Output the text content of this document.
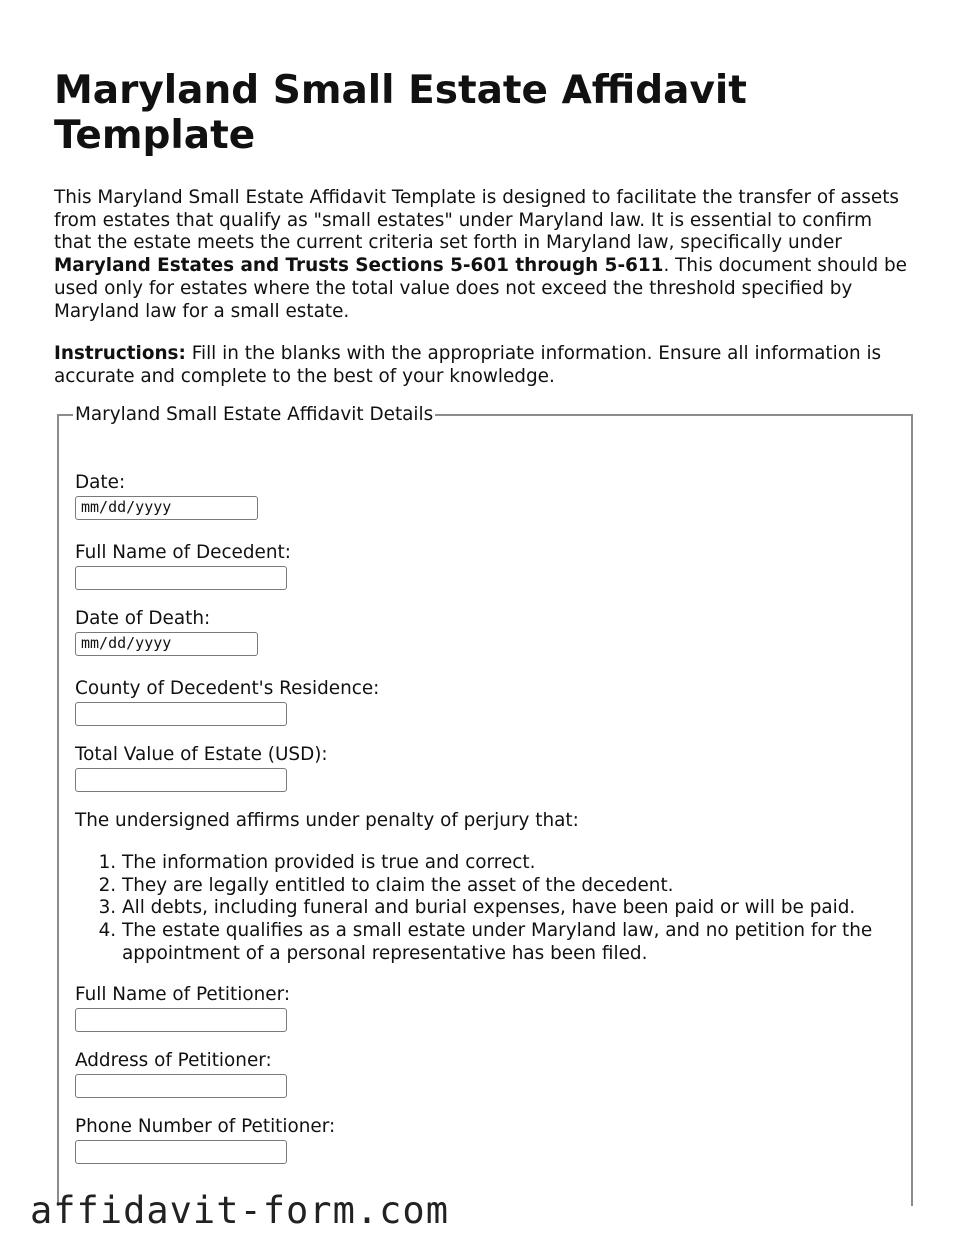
Maryland Small Estate Affidavit Template

This Maryland Small Estate Affidavit Template is designed to facilitate the transfer of assets from estates that qualify as "small estates" under Maryland law. It is essential to confirm that the estate meets the current criteria set forth in Maryland law, specifically under Maryland Estates and Trusts Sections 5-601 through 5-611. This document should be used only for estates where the total value does not exceed the threshold specified by Maryland law for a small estate.

Instructions: Fill in the blanks with the appropriate information. Ensure all information is accurate and complete to the best of your knowledge.

Maryland Small Estate Affidavit Details
Date:
mm/dd/yyyy
Full Name of Decedent:
Date of Death:
mm/dd/yyyy
County of Decedent's Residence:
Total Value of Estate (USD):
The undersigned affirms under penalty of perjury that:
1. The information provided is true and correct.
2. They are legally entitled to claim the asset of the decedent.
3. All debts, including funeral and burial expenses, have been paid or will be paid.
4. The estate qualifies as a small estate under Maryland law, and no petition for the appointment of a personal representative has been filed.
Full Name of Petitioner:
Address of Petitioner:
Phone Number of Petitioner:
affidavit-form.com
